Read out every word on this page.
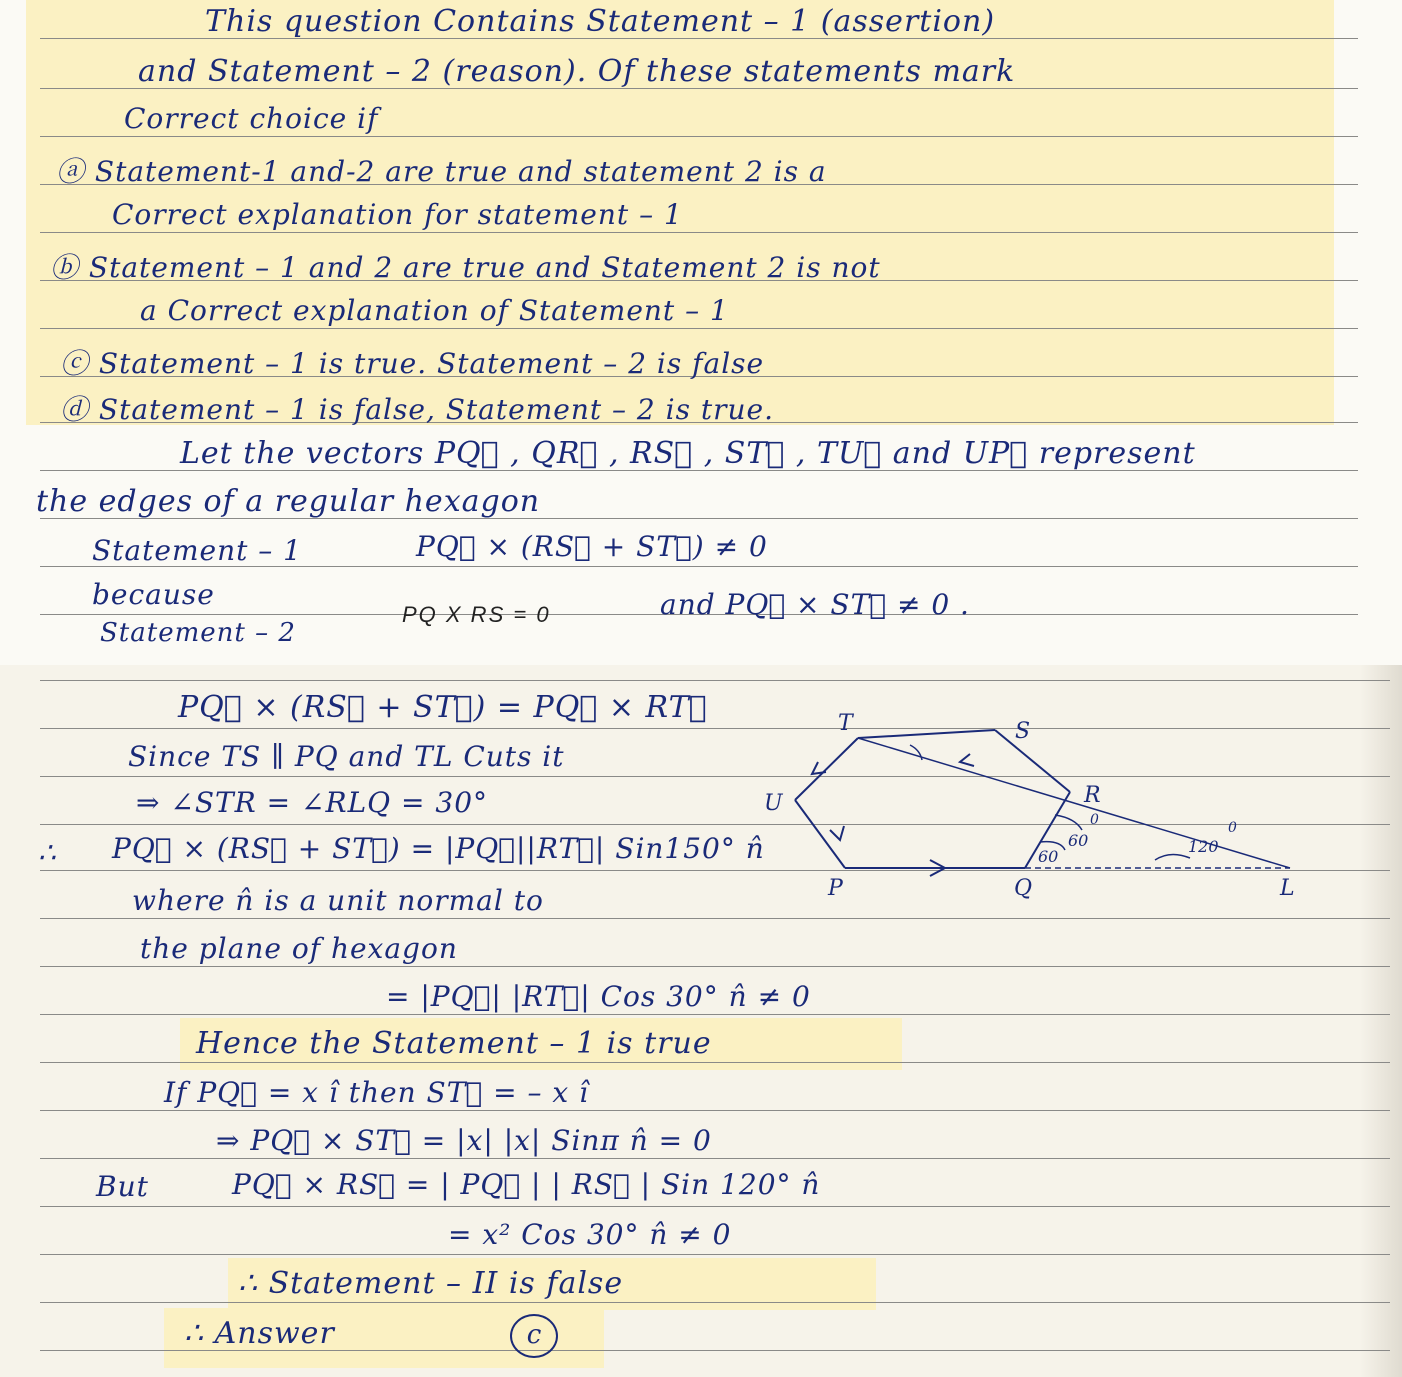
This question Contains Statement – 1 (assertion)
and Statement – 2 (reason). Of these statements mark
Correct choice if
ⓐ Statement-1 and-2 are true and statement 2 is a
Correct explanation for statement – 1
ⓑ Statement – 1 and 2 are true and Statement 2 is not
a Correct explanation of Statement – 1
ⓒ Statement – 1 is true. Statement – 2 is false
ⓓ Statement – 1 is false, Statement – 2 is true.
Let the vectors PQ⃗ , QR⃗ , RS⃗ , ST⃗ , TU⃗ and UP⃗ represent
the edges of a regular hexagon
Statement – 1	PQ⃗ × (RS⃗ + ST⃗) ≠ 0
because
PQ X RS = 0	and PQ⃗ × ST⃗ ≠ 0 .
Statement – 2
PQ⃗ × (RS⃗ + ST⃗) = PQ⃗ × RT⃗
Since TS ∥ PQ and TL Cuts it
⇒ ∠STR = ∠RLQ = 30°
∴ PQ⃗ × (RS⃗ + ST⃗) = |PQ⃗||RT⃗| Sin150° n̂
where n̂ is a unit normal to
the plane of hexagon
= |PQ⃗| |RT⃗| Cos 30° n̂ ≠ 0
Hence the Statement – 1 is true
If PQ⃗ = x î then ST⃗ = – x î
⇒ PQ⃗ × ST⃗ = |x| |x| Sinπ n̂ = 0
But	PQ⃗ × RS⃗ = | PQ⃗ | | RS⃗ | Sin 120° n̂
= x² Cos 30° n̂ ≠ 0
∴ Statement – II is false
∴ Answer	c
T	S
U	R
P	Q	L
60
60
0
120
0
